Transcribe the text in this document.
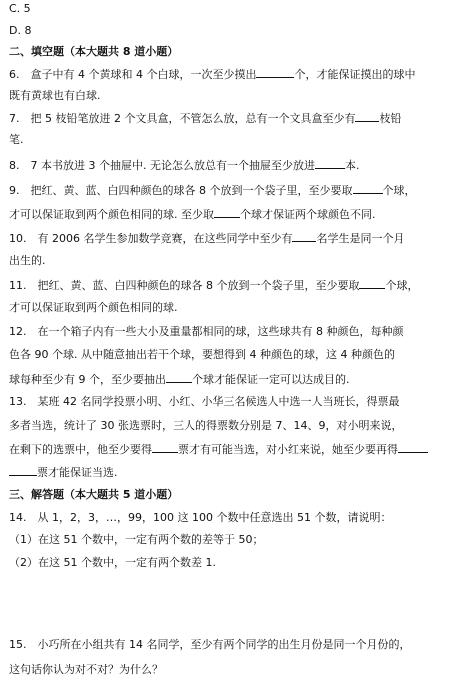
C. 5
D. 8
二、填空题（本大题共 8 道小题）
6.　盒子中有 4 个黄球和 4 个白球，一次至少摸出	个，才能保证摸出的球中
既有黄球也有白球.
7.　把 5 枝铅笔放进 2 个文具盒，不管怎么放，总有一个文具盒至少有 枝铅
笔.
8.　7 本书放进 3 个抽屉中. 无论怎么放总有一个抽屉至少放进	本.
9.　把红、黄、蓝、白四种颜色的球各 8 个放到一个袋子里，至少要取	个球，
才可以保证取到两个颜色相同的球. 至少取 个球才保证两个球颜色不同.
10.　有 2006 名学生参加数学竞赛，在这些同学中至少有 名学生是同一个月
出生的.
11.　把红、黄、蓝、白四种颜色的球各 8 个放到一个袋子里，至少要取 个球，
才可以保证取到两个颜色相同的球.
12.　在一个箱子内有一些大小及重量都相同的球，这些球共有 8 种颜色，每种颜
色各 90 个球. 从中随意抽出若干个球，要想得到 4 种颜色的球，这 4 种颜色的
球每种至少有 9 个，至少要抽出 个球才能保证一定可以达成目的.
13.　某班 42 名同学投票小明、小红、小华三名候选人中选一人当班长，得票最
多者当选，统计了 30 张选票时，三人的得票数分别是 7、14、9，对小明来说，
在剩下的选票中，他至少要得 票才有可能当选，对小红来说，她至少要再得
票才能保证当选.
三、解答题（本大题共 5 道小题）
14.　从 1，2，3，…，99，100 这 100 个数中任意选出 51 个数，请说明：
（1）在这 51 个数中，一定有两个数的差等于 50；
（2）在这 51 个数中，一定有两个数差 1.
15.　小巧所在小组共有 14 名同学，至少有两个同学的出生月份是同一个月份的，
这句话你认为对不对？为什么？
